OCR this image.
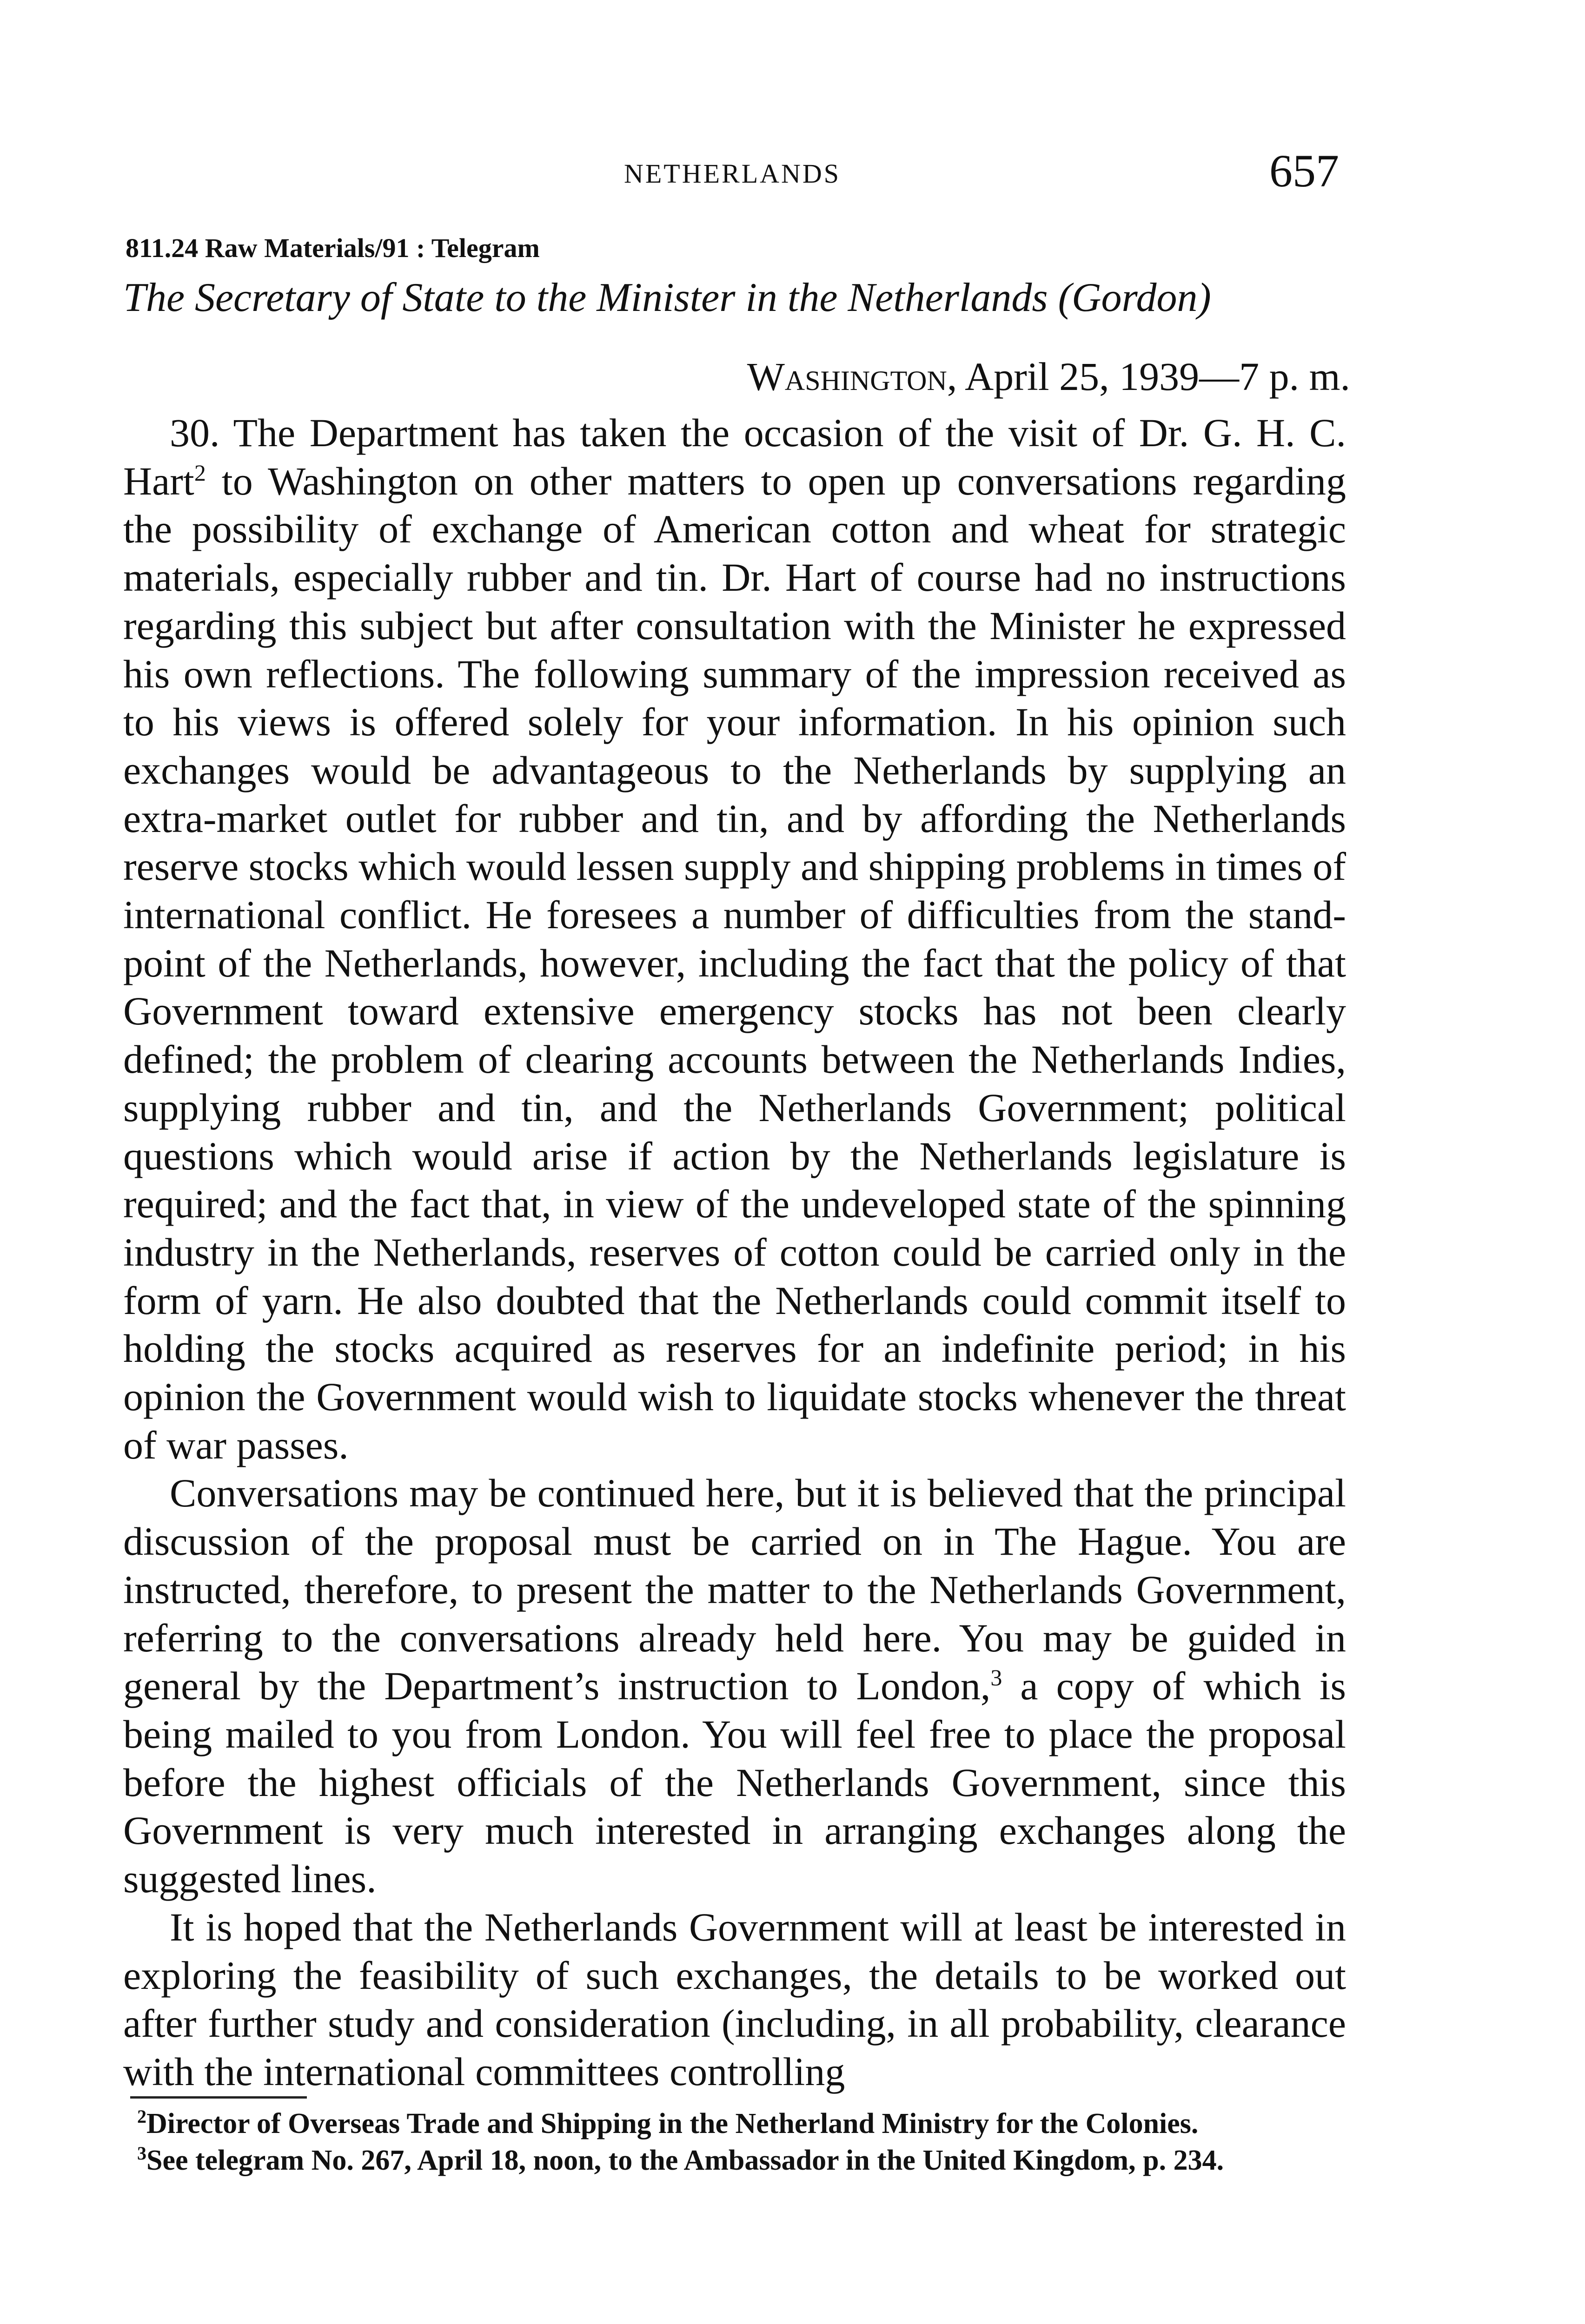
NETHERLANDS	657
811.24 Raw Materials/91 : Telegram
The Secretary of State to the Minister in the Netherlands (Gordon)
Washington, April 25, 1939—7 p. m.

30. The Department has taken the occasion of the visit of Dr. G. H. C. Hart$^2$ to Washington on other matters to open up conversations regarding the possibility of exchange of American cotton and wheat for strategic materials, especially rubber and tin. Dr. Hart of course had no instructions regarding this subject but after consultation with the Minister he expressed his own reflections. The following summary of the impression received as to his views is offered solely for your information. In his opinion such exchanges would be advantageous to the Netherlands by supplying an extra-market outlet for rubber and tin, and by affording the Netherlands reserve stocks which would lessen supply and shipping problems in times of international conflict. He foresees a number of difficulties from the standpoint of the Netherlands, however, including the fact that the policy of that Government toward extensive emergency stocks has not been clearly defined; the problem of clearing accounts between the Netherlands Indies, supplying rubber and tin, and the Netherlands Government; political questions which would arise if action by the Netherlands legislature is required; and the fact that, in view of the undeveloped state of the spinning industry in the Netherlands, reserves of cotton could be carried only in the form of yarn. He also doubted that the Netherlands could commit itself to holding the stocks acquired as reserves for an indefinite period; in his opinion the Government would wish to liquidate stocks whenever the threat of war passes.

Conversations may be continued here, but it is believed that the principal discussion of the proposal must be carried on in The Hague. You are instructed, therefore, to present the matter to the Netherlands Government, referring to the conversations already held here. You may be guided in general by the Department’s instruction to London,$^3$ a copy of which is being mailed to you from London. You will feel free to place the proposal before the highest officials of the Netherlands Government, since this Government is very much interested in arranging exchanges along the suggested lines.

It is hoped that the Netherlands Government will at least be interested in exploring the feasibility of such exchanges, the details to be worked out after further study and consideration (including, in all probability, clearance with the international committees controlling

$^2$Director of Overseas Trade and Shipping in the Netherland Ministry for the Colonies.

$^3$See telegram No. 267, April 18, noon, to the Ambassador in the United Kingdom, p. 234.
